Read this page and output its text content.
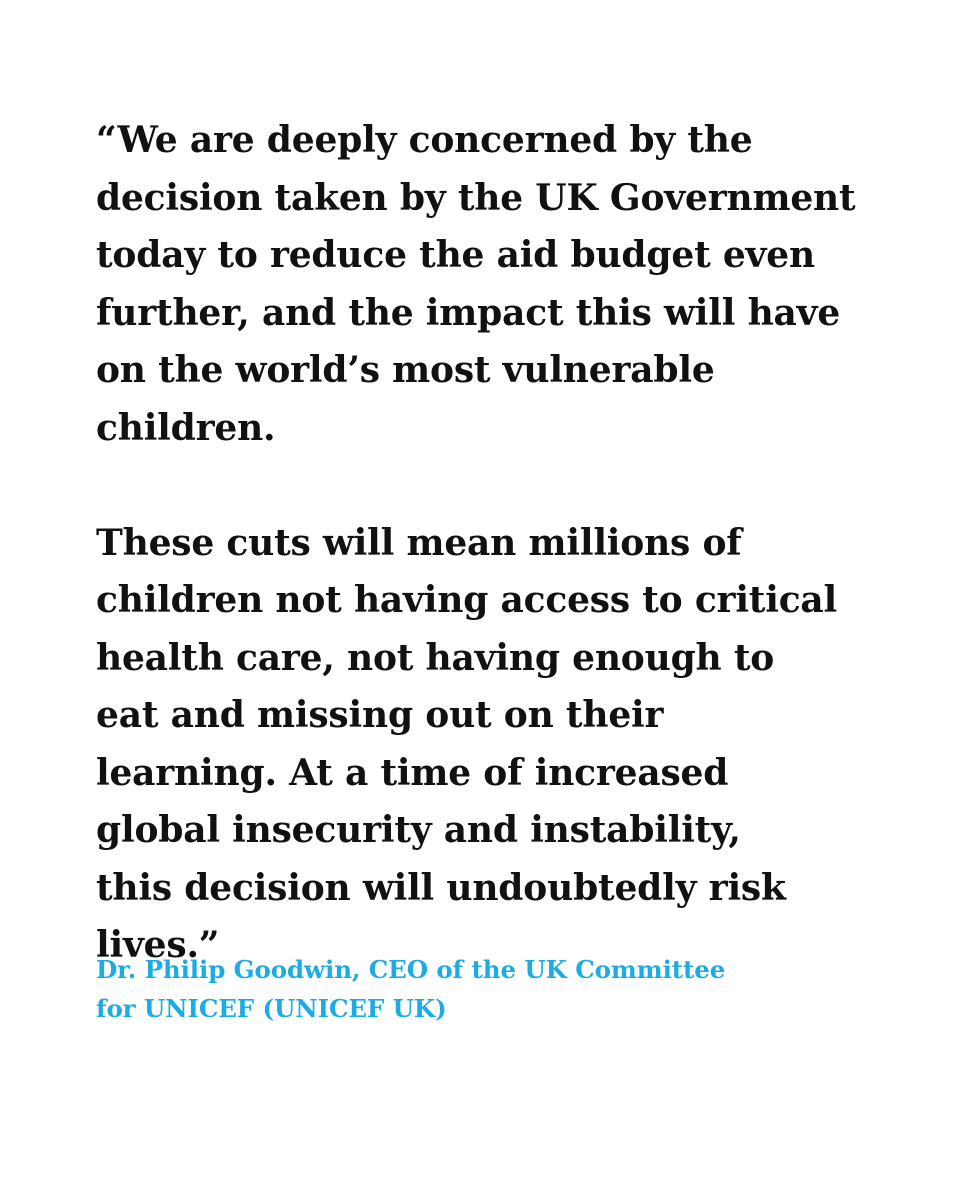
“We are deeply concerned by the
decision taken by the UK Government
today to reduce the aid budget even
further, and the impact this will have
on the world’s most vulnerable
children.

These cuts will mean millions of
children not having access to critical
health care, not having enough to
eat and missing out on their
learning. At a time of increased
global insecurity and instability,
this decision will undoubtedly risk
lives.”

Dr. Philip Goodwin, CEO of the UK Committee
for UNICEF (UNICEF UK)
